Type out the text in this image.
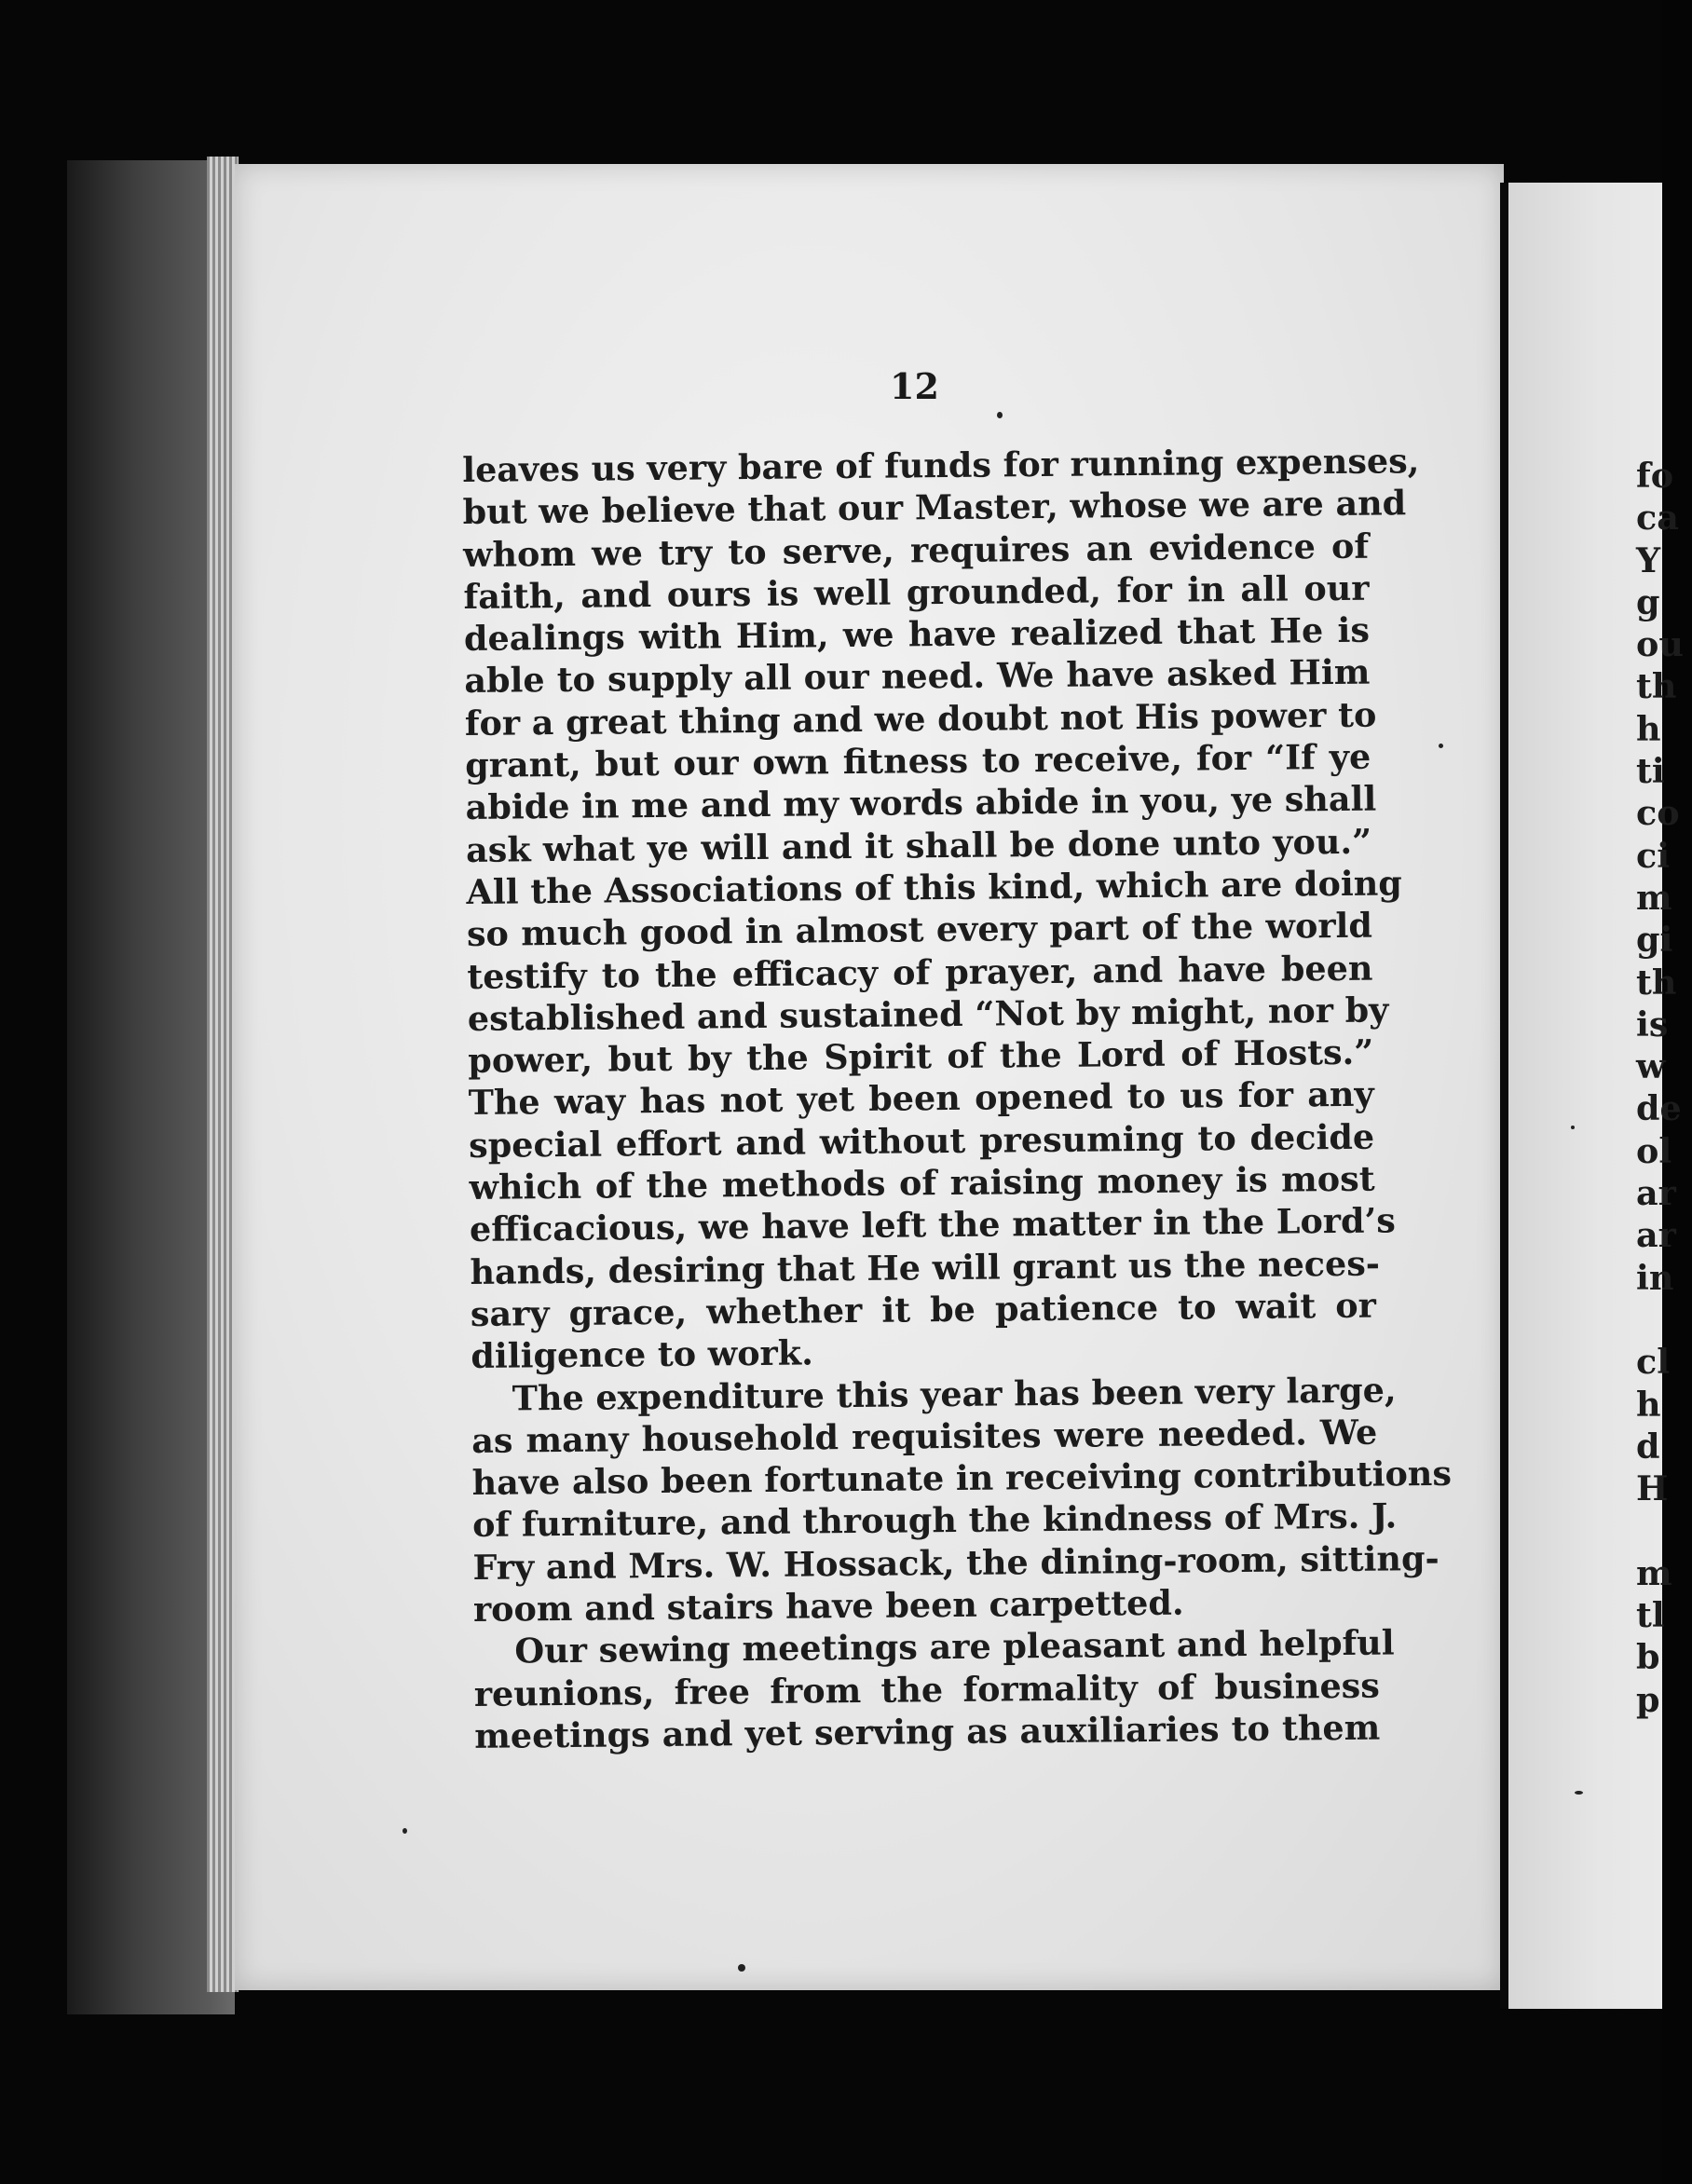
12
leaves us very bare of funds for running expenses,
but we believe that our Master, whose we are and
whom we try to serve, requires an evidence of
faith, and ours is well grounded, for in all our
dealings with Him, we have realized that He is
able to supply all our need. We have asked Him
for a great thing and we doubt not His power to
grant, but our own fitness to receive, for “If ye
abide in me and my words abide in you, ye shall
ask what ye will and it shall be done unto you.”
All the Associations of this kind, which are doing
so much good in almost every part of the world
testify to the efficacy of prayer, and have been
established and sustained “Not by might, nor by
power, but by the Spirit of the Lord of Hosts.”
The way has not yet been opened to us for any
special effort and without presuming to decide
which of the methods of raising money is most
efficacious, we have left the matter in the Lord’s
hands, desiring that He will grant us the neces-
sary grace, whether it be patience to wait or
diligence to work.
The expenditure this year has been very large,
as many household requisites were needed. We
have also been fortunate in receiving contributions
of furniture, and through the kindness of Mrs. J.
Fry and Mrs. W. Hossack, the dining-room, sitting-
room and stairs have been carpetted.
Our sewing meetings are pleasant and helpful
reunions, free from the formality of business
meetings and yet serving as auxiliaries to them
fo
ca
Y
g
ou
th
h
ti
co
ci
m
gi
th
is
w
de
ol
ar
ar
in
cl
h
d
H
m
tl
b
p
